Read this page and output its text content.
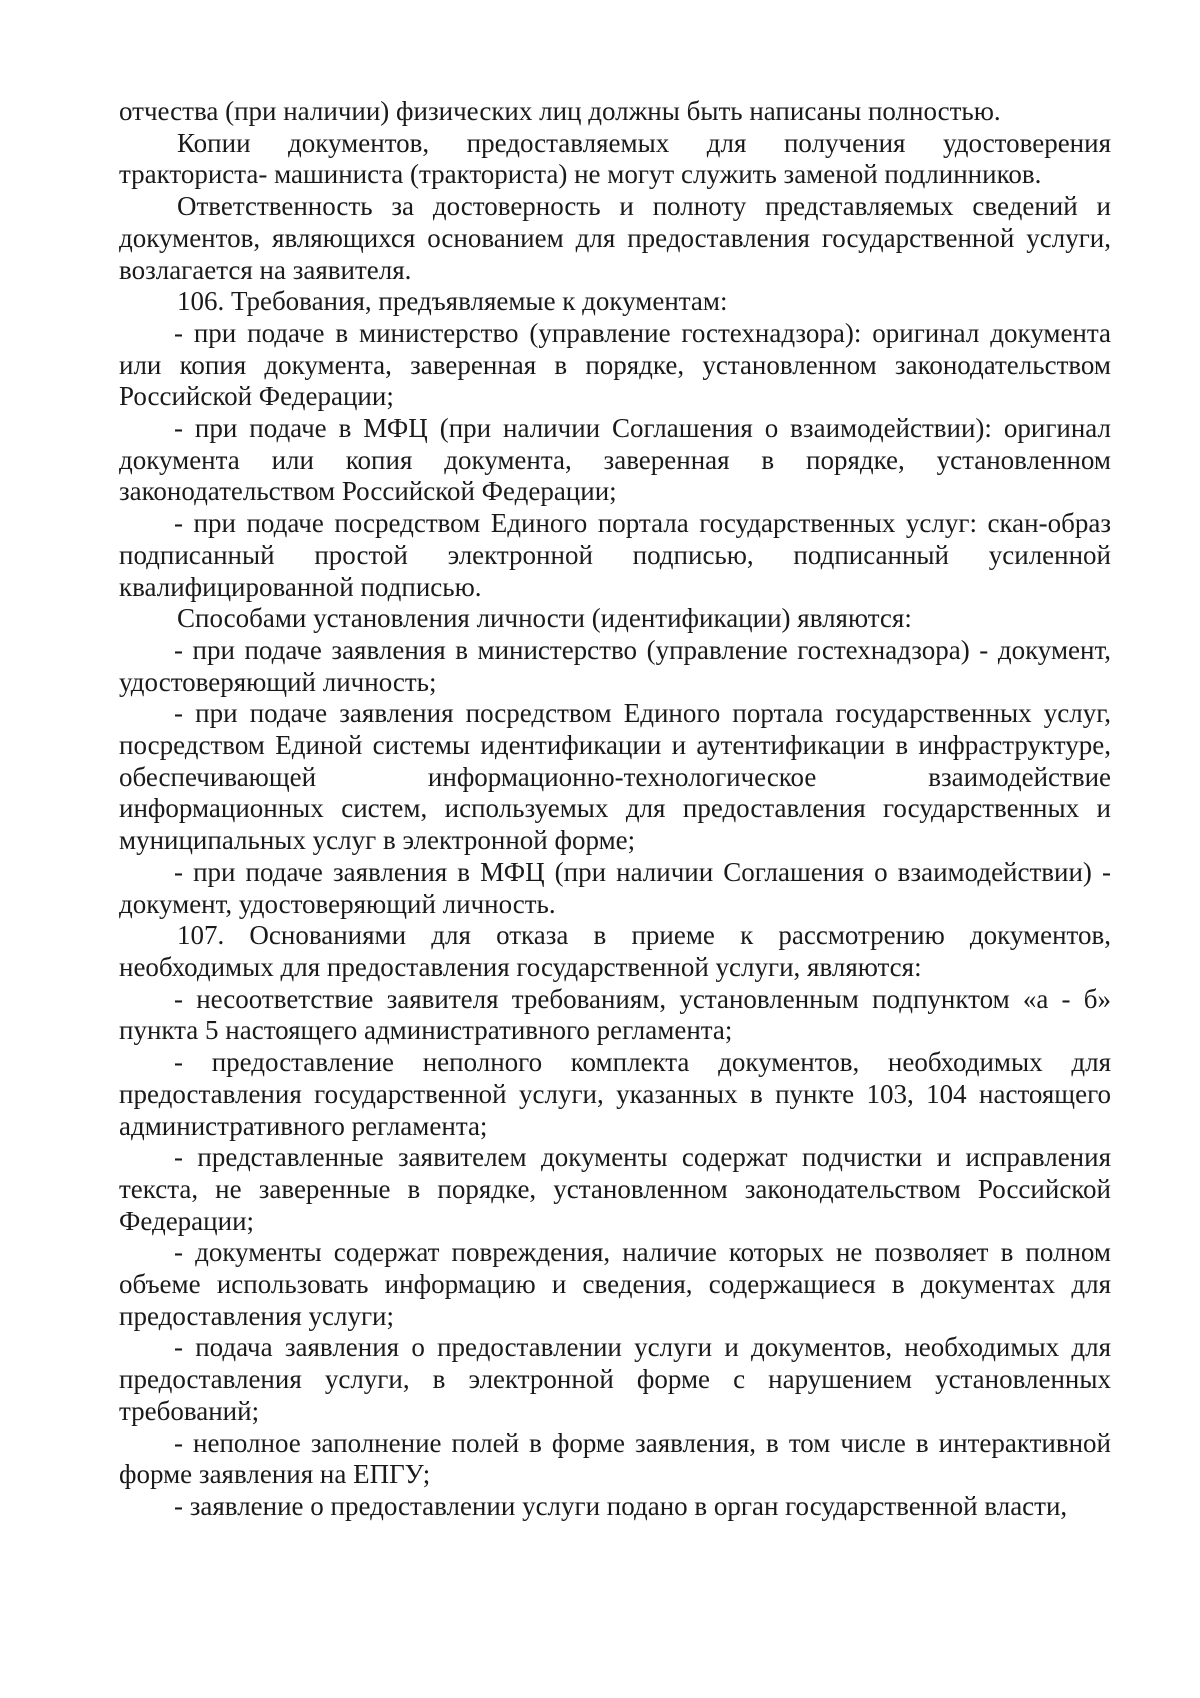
отчества (при наличии) физических лиц должны быть написаны полностью.

Копии документов, предоставляемых для получения удостоверения тракториста- машиниста (тракториста) не могут служить заменой подлинников.

Ответственность за достоверность и полноту представляемых сведений и документов, являющихся основанием для предоставления государственной услуги, возлагается на заявителя.

106. Требования, предъявляемые к документам:

- при подаче в министерство (управление гостехнадзора): оригинал документа или копия документа, заверенная в порядке, установленном законодательством Российской Федерации;

- при подаче в МФЦ (при наличии Соглашения о взаимодействии): оригинал документа или копия документа, заверенная в порядке, установленном законодательством Российской Федерации;

- при подаче посредством Единого портала государственных услуг: скан-образ подписанный простой электронной подписью, подписанный усиленной квалифицированной подписью.

Способами установления личности (идентификации) являются:

- при подаче заявления в министерство (управление гостехнадзора) - документ, удостоверяющий личность;

- при подаче заявления посредством Единого портала государственных услуг, посредством Единой системы идентификации и аутентификации в инфраструктуре, обеспечивающей информационно-технологическое взаимодействие информационных систем, используемых для предоставления государственных и муниципальных услуг в электронной форме;

- при подаче заявления в МФЦ (при наличии Соглашения о взаимодействии) - документ, удостоверяющий личность.

107. Основаниями для отказа в приеме к рассмотрению документов, необходимых для предоставления государственной услуги, являются:

- несоответствие заявителя требованиям, установленным подпунктом «а - б» пункта 5 настоящего административного регламента;

- предоставление неполного комплекта документов, необходимых для предоставления государственной услуги, указанных в пункте 103, 104 настоящего административного регламента;

- представленные заявителем документы содержат подчистки и исправления текста, не заверенные в порядке, установленном законодательством Российской Федерации;

- документы содержат повреждения, наличие которых не позволяет в полном объеме использовать информацию и сведения, содержащиеся в документах для предоставления услуги;

- подача заявления о предоставлении услуги и документов, необходимых для предоставления услуги, в электронной форме с нарушением установленных требований;

- неполное заполнение полей в форме заявления, в том числе в интерактивной форме заявления на ЕПГУ;

- заявление о предоставлении услуги подано в орган государственной власти,
